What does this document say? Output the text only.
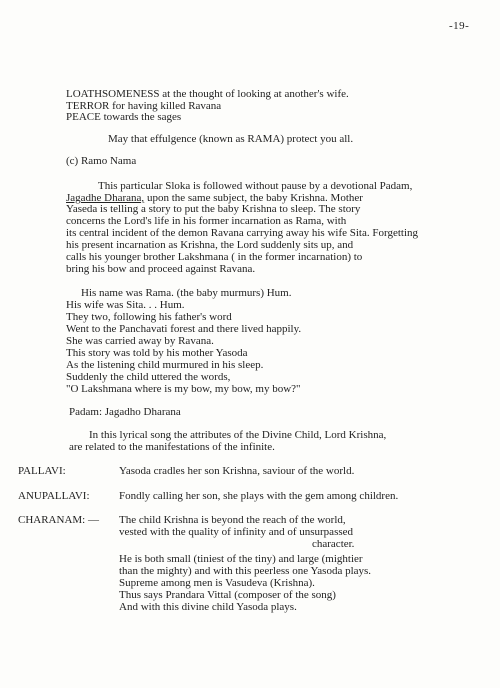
-19-
LOATHSOMENESS at the thought of looking at another's wife.
TERROR for having killed Ravana
PEACE towards the sages
May that effulgence (known as RAMA) protect you all.
(c) Ramo Nama
This particular Sloka is followed without pause by a devotional Padam,
Jagadhe Dharana, upon the same subject, the baby Krishna. Mother
Yaseda is telling a story to put the baby Krishna to sleep. The story
concerns the Lord's life in his former incarnation as Rama, with
its central incident of the demon Ravana carrying away his wife Sita. Forgetting
his present incarnation as Krishna, the Lord suddenly sits up, and
calls his younger brother Lakshmana ( in the former incarnation) to
bring his bow and proceed against Ravana.
His name was Rama. (the baby murmurs) Hum.
His wife was Sita. . . Hum.
They two, following his father's word
Went to the Panchavati forest and there lived happily.
She was carried away by Ravana.
This story was told by his mother Yasoda
As the listening child murmured in his sleep.
Suddenly the child uttered the words,
"O Lakshmana where is my bow, my bow, my bow?"
Padam: Jagadho Dharana
In this lyrical song the attributes of the Divine Child, Lord Krishna,
are related to the manifestations of the infinite.
PALLAVI:	Yasoda cradles her son Krishna, saviour of the world.
ANUPALLAVI:	Fondly calling her son, she plays with the gem among children.
CHARANAM: — The child Krishna is beyond the reach of the world,
vested with the quality of infinity and of unsurpassed
character.
He is both small (tiniest of the tiny) and large (mightier
than the mighty) and with this peerless one Yasoda plays.
Supreme among men is Vasudeva (Krishna).
Thus says Prandara Vittal (composer of the song)
And with this divine child Yasoda plays.
